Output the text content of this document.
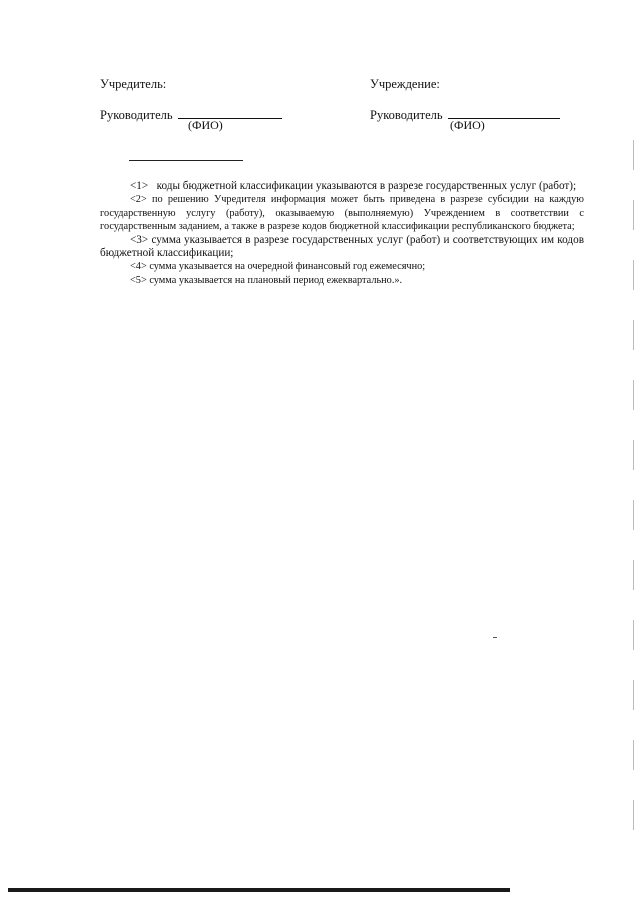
Учредитель:
Руководитель
(ФИО)
Учреждение:
Руководитель
(ФИО)

<1> коды бюджетной классификации указываются в разрезе государственных услуг (работ);

<2> по решению Учредителя информация может быть приведена в разрезе субсидии на каждую государственную услугу (работу), оказываемую (выполняемую) Учреждением в соответствии с государственным заданием, а также в разрезе кодов бюджетной классификации республиканского бюджета;

<3> сумма указывается в разрезе государственных услуг (работ) и соответствующих им кодов бюджетной классификации;

<4> сумма указывается на очередной финансовый год ежемесячно;

<5> сумма указывается на плановый период ежеквартально.».
